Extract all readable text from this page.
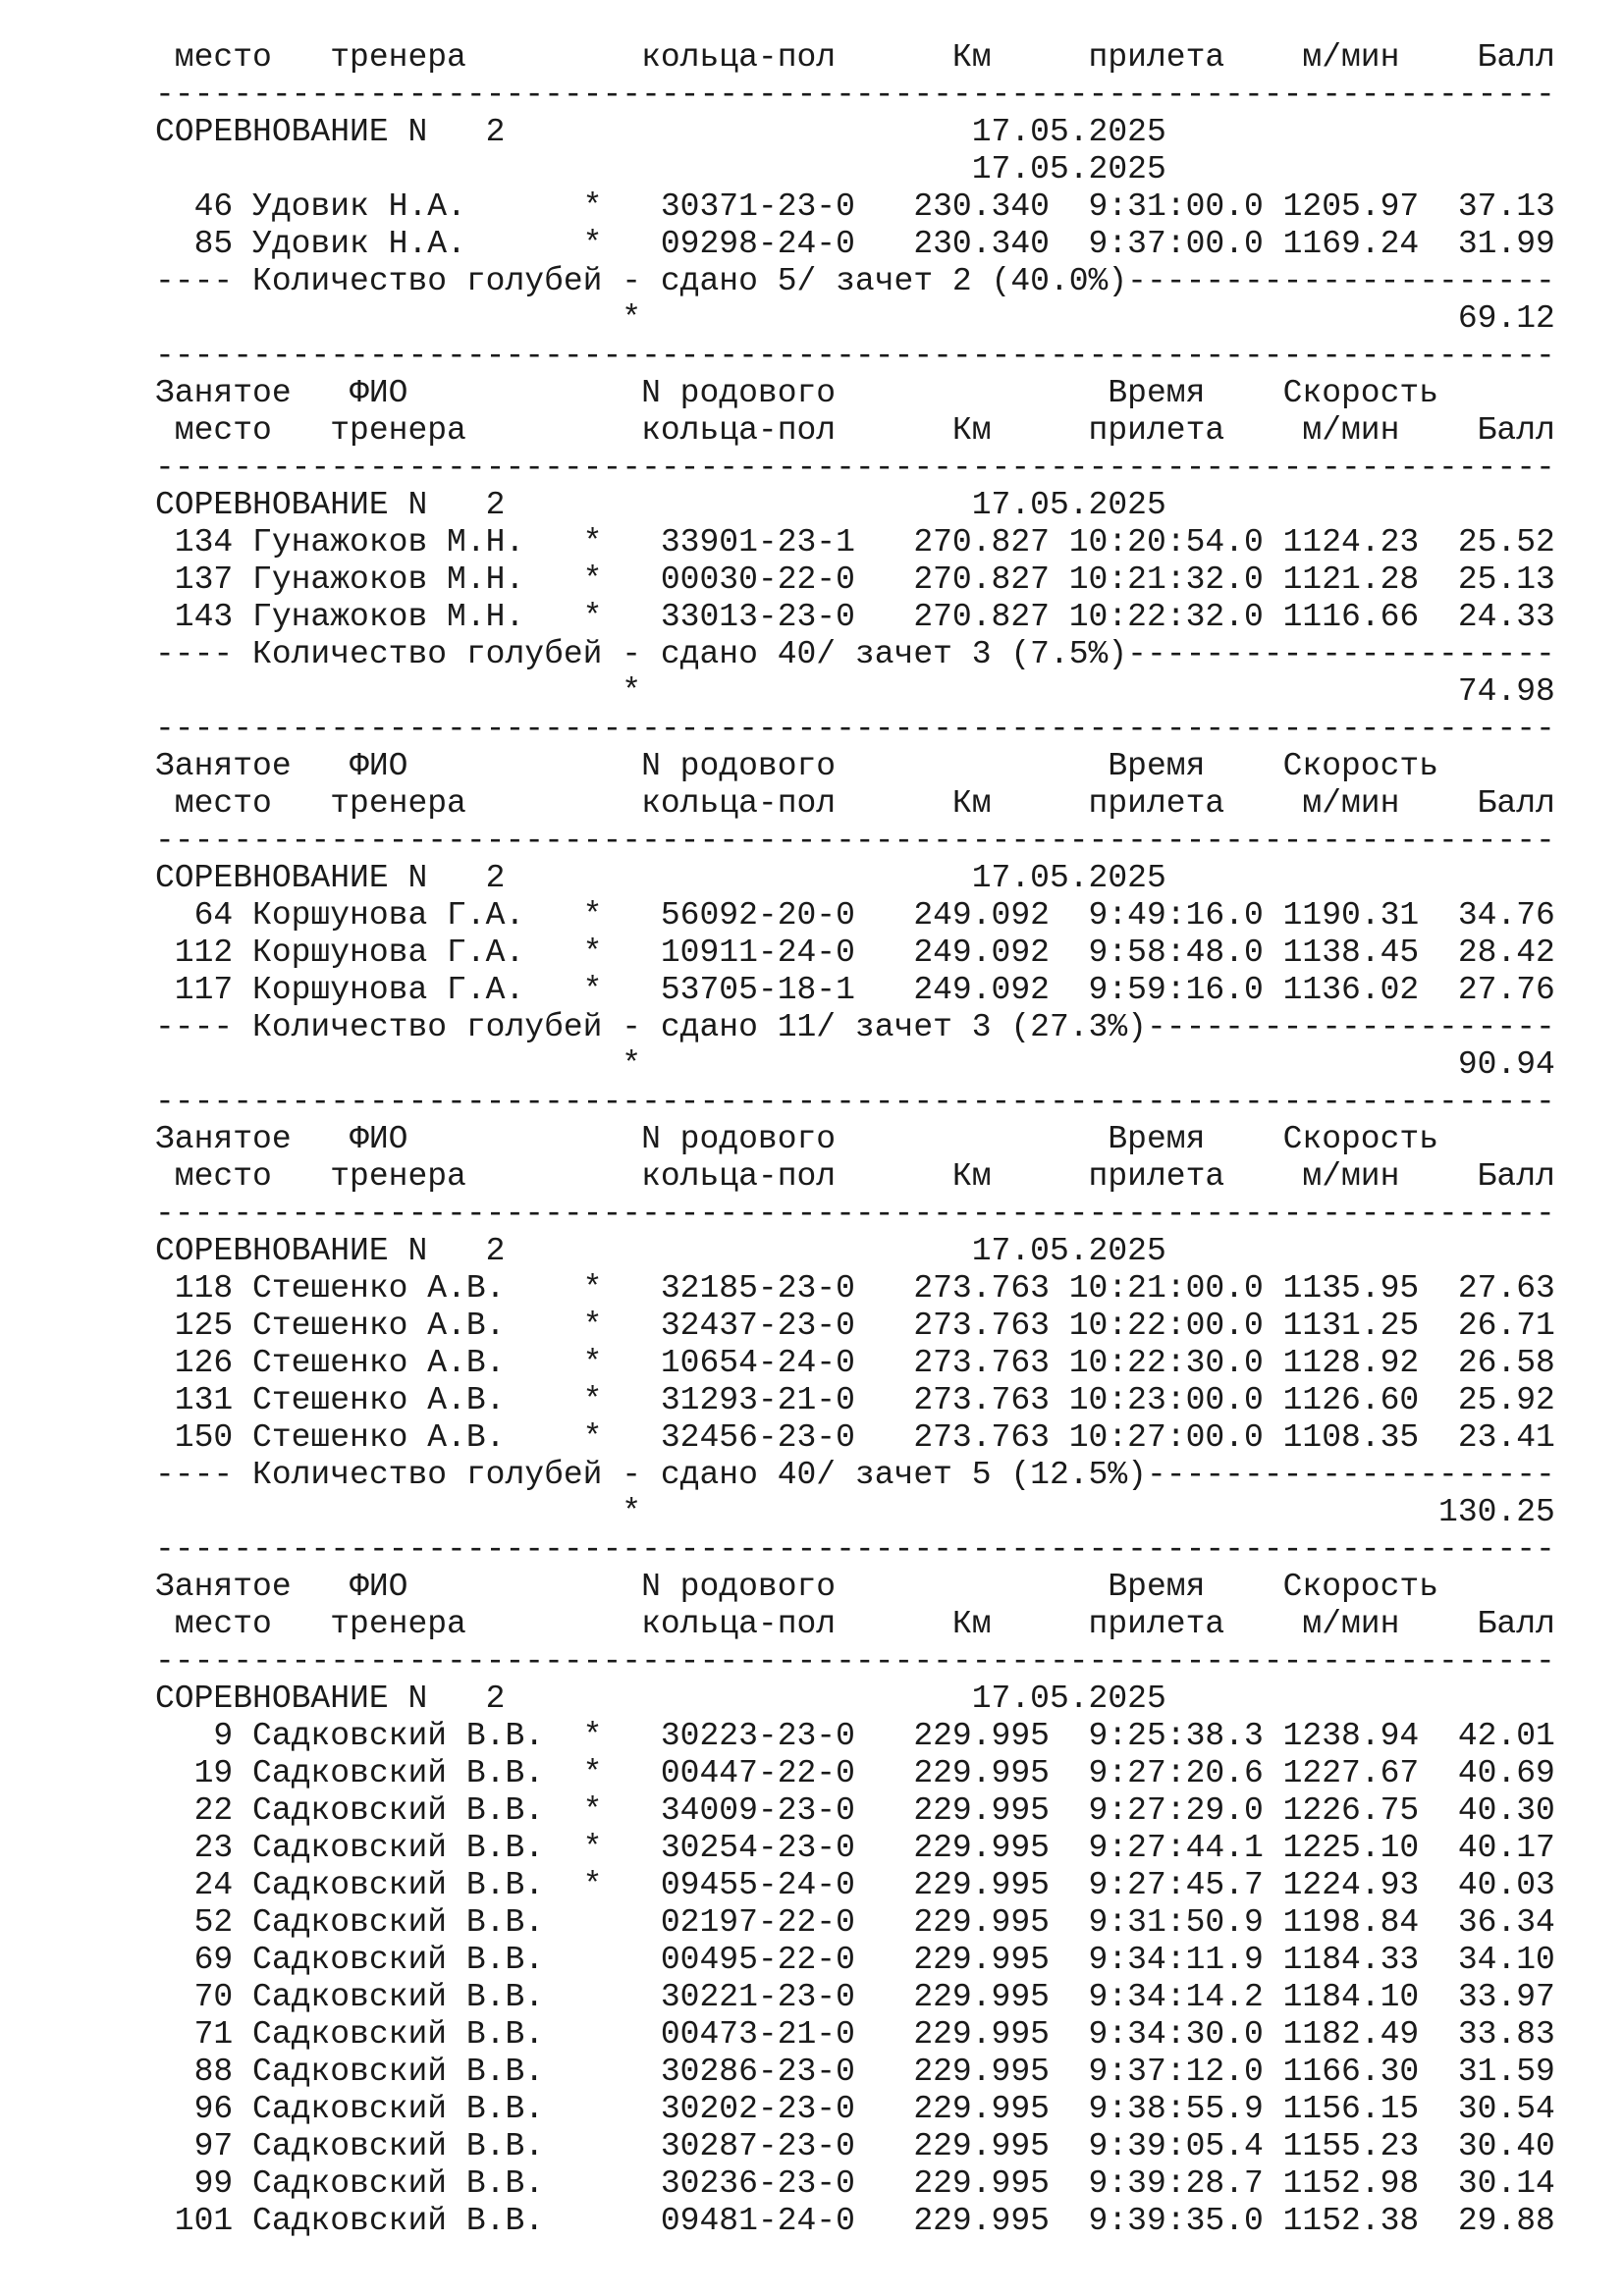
место   тренера         кольца-пол      Км     прилета    м/мин    Балл
------------------------------------------------------------------------
СОРЕВНОВАНИЕ N   2                        17.05.2025
17.05.2025
46 Удовик Н.А.      *   30371-23-0   230.340  9:31:00.0 1205.97  37.13
85 Удовик Н.А.      *   09298-24-0   230.340  9:37:00.0 1169.24  31.99
---- Количество голубей - сдано 5/ зачет 2 (40.0%)----------------------
*                                          69.12
------------------------------------------------------------------------
Занятое   ФИО            N родового              Время    Скорость
место   тренера         кольца-пол      Км     прилета    м/мин    Балл
------------------------------------------------------------------------
СОРЕВНОВАНИЕ N   2                        17.05.2025
134 Гунажоков М.Н.   *   33901-23-1   270.827 10:20:54.0 1124.23  25.52
137 Гунажоков М.Н.   *   00030-22-0   270.827 10:21:32.0 1121.28  25.13
143 Гунажоков М.Н.   *   33013-23-0   270.827 10:22:32.0 1116.66  24.33
---- Количество голубей - сдано 40/ зачет 3 (7.5%)----------------------
*                                          74.98
------------------------------------------------------------------------
Занятое   ФИО            N родового              Время    Скорость
место   тренера         кольца-пол      Км     прилета    м/мин    Балл
------------------------------------------------------------------------
СОРЕВНОВАНИЕ N   2                        17.05.2025
64 Коршунова Г.А.   *   56092-20-0   249.092  9:49:16.0 1190.31  34.76
112 Коршунова Г.А.   *   10911-24-0   249.092  9:58:48.0 1138.45  28.42
117 Коршунова Г.А.   *   53705-18-1   249.092  9:59:16.0 1136.02  27.76
---- Количество голубей - сдано 11/ зачет 3 (27.3%)---------------------
*                                          90.94
------------------------------------------------------------------------
Занятое   ФИО            N родового              Время    Скорость
место   тренера         кольца-пол      Км     прилета    м/мин    Балл
------------------------------------------------------------------------
СОРЕВНОВАНИЕ N   2                        17.05.2025
118 Стешенко А.В.    *   32185-23-0   273.763 10:21:00.0 1135.95  27.63
125 Стешенко А.В.    *   32437-23-0   273.763 10:22:00.0 1131.25  26.71
126 Стешенко А.В.    *   10654-24-0   273.763 10:22:30.0 1128.92  26.58
131 Стешенко А.В.    *   31293-21-0   273.763 10:23:00.0 1126.60  25.92
150 Стешенко А.В.    *   32456-23-0   273.763 10:27:00.0 1108.35  23.41
---- Количество голубей - сдано 40/ зачет 5 (12.5%)---------------------
*                                         130.25
------------------------------------------------------------------------
Занятое   ФИО            N родового              Время    Скорость
место   тренера         кольца-пол      Км     прилета    м/мин    Балл
------------------------------------------------------------------------
СОРЕВНОВАНИЕ N   2                        17.05.2025
9 Садковский В.В.  *   30223-23-0   229.995  9:25:38.3 1238.94  42.01
19 Садковский В.В.  *   00447-22-0   229.995  9:27:20.6 1227.67  40.69
22 Садковский В.В.  *   34009-23-0   229.995  9:27:29.0 1226.75  40.30
23 Садковский В.В.  *   30254-23-0   229.995  9:27:44.1 1225.10  40.17
24 Садковский В.В.  *   09455-24-0   229.995  9:27:45.7 1224.93  40.03
52 Садковский В.В.      02197-22-0   229.995  9:31:50.9 1198.84  36.34
69 Садковский В.В.      00495-22-0   229.995  9:34:11.9 1184.33  34.10
70 Садковский В.В.      30221-23-0   229.995  9:34:14.2 1184.10  33.97
71 Садковский В.В.      00473-21-0   229.995  9:34:30.0 1182.49  33.83
88 Садковский В.В.      30286-23-0   229.995  9:37:12.0 1166.30  31.59
96 Садковский В.В.      30202-23-0   229.995  9:38:55.9 1156.15  30.54
97 Садковский В.В.      30287-23-0   229.995  9:39:05.4 1155.23  30.40
99 Садковский В.В.      30236-23-0   229.995  9:39:28.7 1152.98  30.14
101 Садковский В.В.      09481-24-0   229.995  9:39:35.0 1152.38  29.88
